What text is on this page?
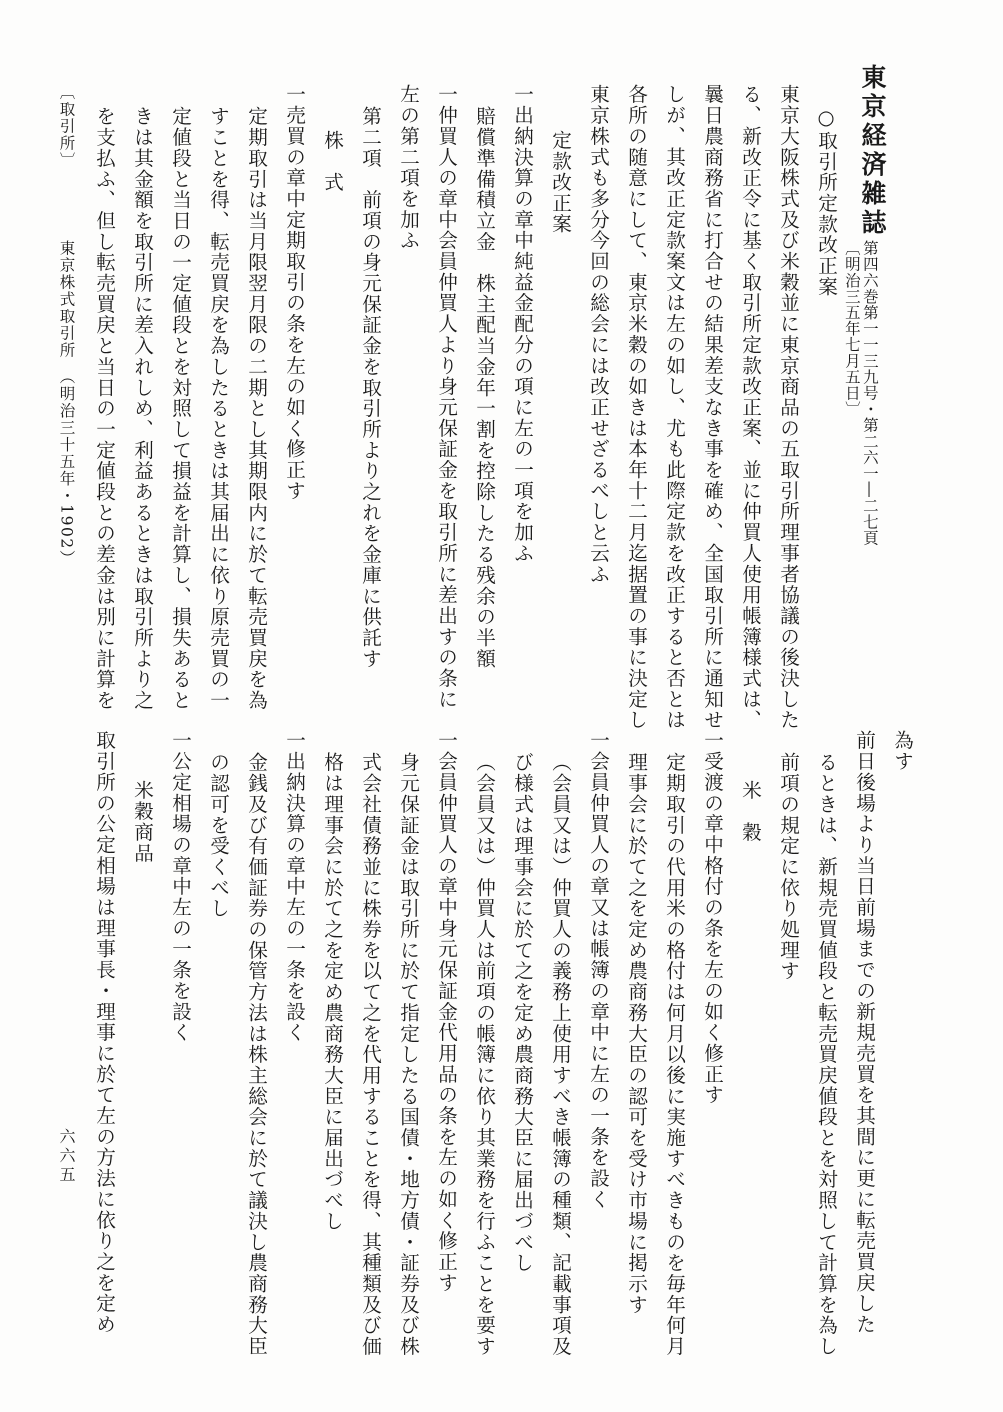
東京経済雑誌
第四六巻第一一三九号・第二六一―二七頁
〔明治三五年七月五日〕
○取引所定款改正案
東京大阪株式及び米穀並に東京商品の五取引所理事者協議の後決した
る、新改正令に基く取引所定款改正案、並に仲買人使用帳簿様式は、
曩日農商務省に打合せの結果差支なき事を確め、全国取引所に通知せ
しが、其改正定款案文は左の如し、尤も此際定款を改正すると否とは
各所の随意にして、東京米穀の如きは本年十二月迄据置の事に決定し
東京株式も多分今回の総会には改正せざるべしと云ふ
定款改正案
一出納決算の章中純益金配分の項に左の一項を加ふ
賠償準備積立金　株主配当金年一割を控除したる残余の半額
一仲買人の章中会員仲買人より身元保証金を取引所に差出すの条に
左の第二項を加ふ
第二項　前項の身元保証金を取引所より之れを金庫に供託す
株　式
一売買の章中定期取引の条を左の如く修正す
定期取引は当月限翌月限の二期とし其期限内に於て転売買戻を為
すことを得、転売買戻を為したるときは其届出に依り原売買の一
定値段と当日の一定値段とを対照して損益を計算し、損失あると
きは其金額を取引所に差入れしめ、利益あるときは取引所より之
を支払ふ、但し転売買戻と当日の一定値段との差金は別に計算を
〔取引所〕
東京株式取引所　（明治三十五年・1902）
為す
前日後場より当日前場までの新規売買を其間に更に転売買戻した
るときは、新規売買値段と転売買戻値段とを対照して計算を為し
前項の規定に依り処理す
米　穀
一受渡の章中格付の条を左の如く修正す
定期取引の代用米の格付は何月以後に実施すべきものを毎年何月
理事会に於て之を定め農商務大臣の認可を受け市場に掲示す
一会員仲買人の章又は帳簿の章中に左の一条を設く
（会員又は）仲買人の義務上使用すべき帳簿の種類、記載事項及
び様式は理事会に於て之を定め農商務大臣に届出づべし
（会員又は）仲買人は前項の帳簿に依り其業務を行ふことを要す
一会員仲買人の章中身元保証金代用品の条を左の如く修正す
身元保証金は取引所に於て指定したる国債・地方債・証券及び株
式会社債務並に株券を以て之を代用することを得、其種類及び価
格は理事会に於て之を定め農商務大臣に届出づべし
一出納決算の章中左の一条を設く
金銭及び有価証券の保管方法は株主総会に於て議決し農商務大臣
の認可を受くべし
一公定相場の章中左の一条を設く
米穀商品
取引所の公定相場は理事長・理事に於て左の方法に依り之を定め
六六五
